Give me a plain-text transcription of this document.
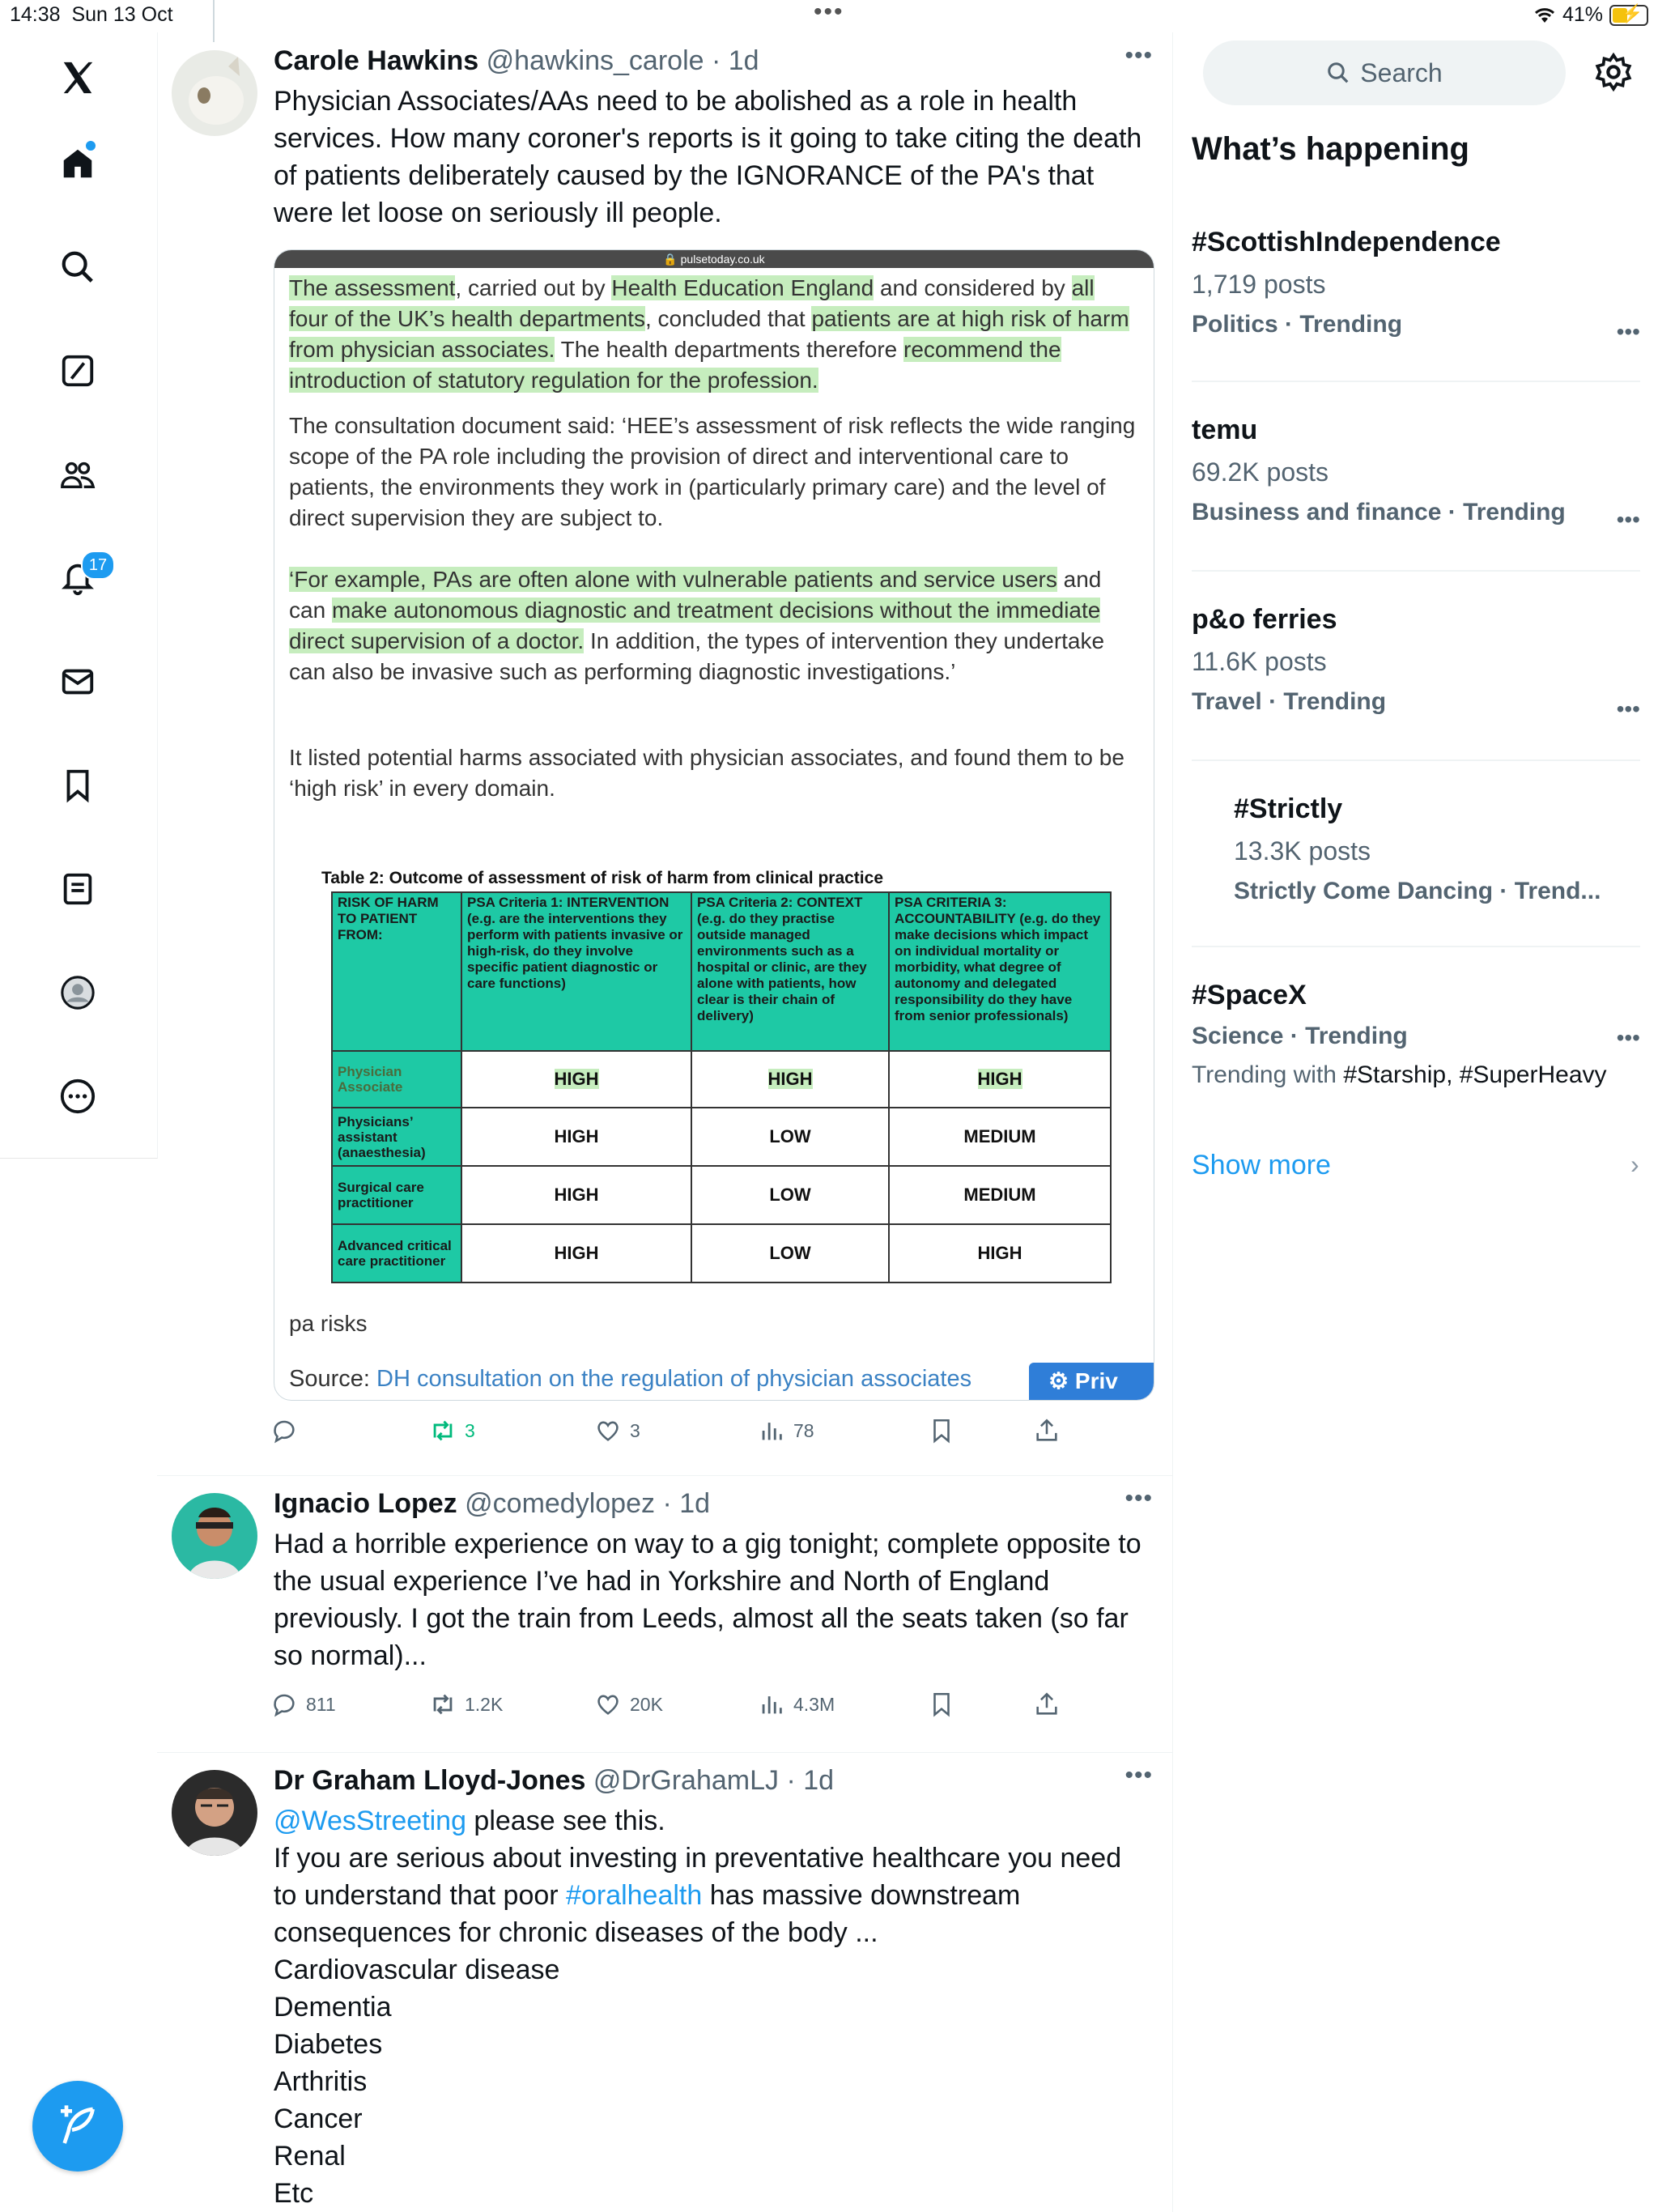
14:38 Sun 13 Oct	•••	41% ⚡
17
Carole Hawkins @hawkins_carole · 1d	•••
Physician Associates/AAs need to be abolished as a role in health services. How many coroner's reports is it going to take citing the death of patients deliberately caused by the IGNORANCE of the PA's that were let loose on seriously ill people.
🔒 pulsetoday.co.uk
The assessment, carried out by Health Education England and considered by all four of the UK’s health departments, concluded that patients are at high risk of harm from physician associates. The health departments therefore recommend the introduction of statutory regulation for the profession.
The consultation document said: ‘HEE’s assessment of risk reflects the wide ranging scope of the PA role including the provision of direct and interventional care to patients, the environments they work in (particularly primary care) and the level of direct supervision they are subject to.
‘For example, PAs are often alone with vulnerable patients and service users and can make autonomous diagnostic and treatment decisions without the immediate direct supervision of a doctor. In addition, the types of intervention they undertake can also be invasive such as performing diagnostic investigations.’
It listed potential harms associated with physician associates, and found them to be ‘high risk’ in every domain.
Table 2: Outcome of assessment of risk of harm from clinical practice
RISK OF HARM TO PATIENT FROM:	PSA Criteria 1: INTERVENTION (e.g. are the interventions they perform with patients invasive or high-risk, do they involve specific patient diagnostic or care functions)	PSA Criteria 2: CONTEXT (e.g. do they practise outside managed environments such as a hospital or clinic, are they alone with patients, how clear is their chain of delivery)	PSA CRITERIA 3: ACCOUNTABILITY (e.g. do they make decisions which impact on individual mortality or morbidity, what degree of autonomy and delegated responsibility do they have from senior professionals)
Physician Associate	HIGH	HIGH	HIGH
Physicians’ assistant (anaesthesia)	HIGH	LOW	MEDIUM
Surgical care practitioner	HIGH	LOW	MEDIUM
Advanced critical care practitioner	HIGH	LOW	HIGH
pa risks
Source: DH consultation on the regulation of physician associates	⚙ Priv
3	3	78
Ignacio Lopez @comedylopez · 1d	•••
Had a horrible experience on way to a gig tonight; complete opposite to the usual experience I’ve had in Yorkshire and North of England previously. I got the train from Leeds, almost all the seats taken (so far so normal)...
811	1.2K	20K	4.3M
Dr Graham Lloyd-Jones @DrGrahamLJ · 1d	•••
@WesStreeting please see this.
If you are serious about investing in preventative healthcare you need to understand that poor #oralhealth has massive downstream consequences for chronic diseases of the body ...
Cardiovascular disease
Dementia
Diabetes
Arthritis
Cancer
Renal
Etc
Search
What’s happening
#ScottishIndependence
1,719 posts
Politics · Trending	•••
temu
69.2K posts
Business and finance · Trending	•••
p&o ferries
11.6K posts
Travel · Trending	•••
#Strictly
13.3K posts
Strictly Come Dancing · Trend...
#SpaceX
Science · Trending
Trending with #Starship, #SuperHeavy
•••
Show more	›
